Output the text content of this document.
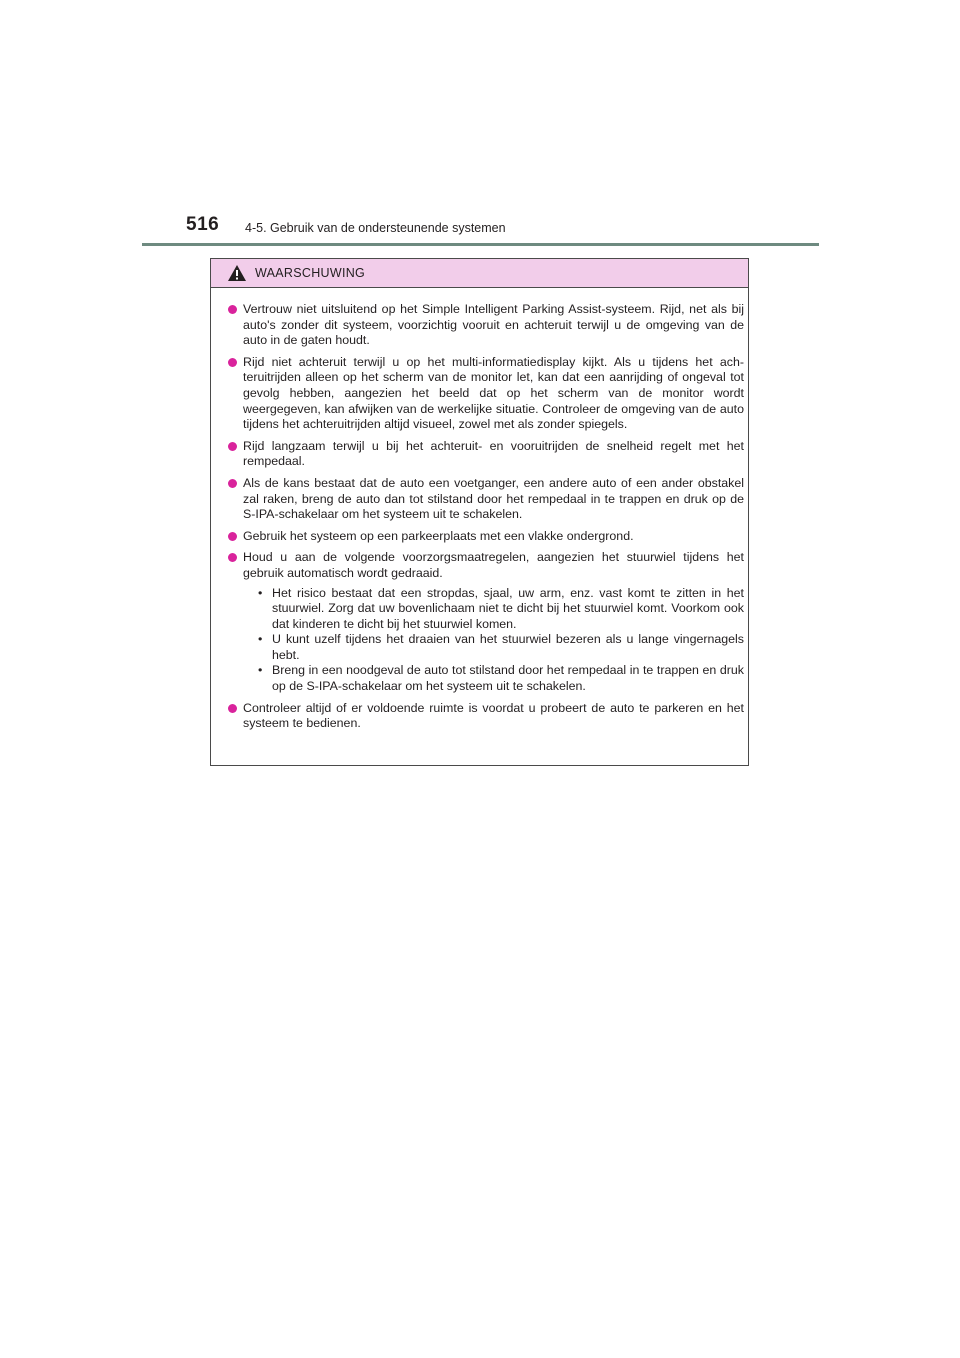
516 4-5. Gebruik van de ondersteunende systemen
WAARSCHUWING
Vertrouw niet uitsluitend op het Simple Intelligent Parking Assist-systeem. Rijd, net als bij auto's zonder dit systeem, voorzichtig vooruit en achteruit terwijl u de omgeving van de auto in de gaten houdt.
Rijd niet achteruit terwijl u op het multi-informatiedisplay kijkt. Als u tijdens het achteruitrijden alleen op het scherm van de monitor let, kan dat een aanrijding of ongeval tot gevolg hebben, aangezien het beeld dat op het scherm van de monitor wordt weergegeven, kan afwijken van de werkelijke situatie. Controleer de omgeving van de auto tijdens het achteruitrijden altijd visueel, zowel met als zonder spiegels.
Rijd langzaam terwijl u bij het achteruit- en vooruitrijden de snelheid regelt met het rempedaal.
Als de kans bestaat dat de auto een voetganger, een andere auto of een ander obstakel zal raken, breng de auto dan tot stilstand door het rempedaal in te trappen en druk op de S-IPA-schakelaar om het systeem uit te schakelen.
Gebruik het systeem op een parkeerplaats met een vlakke ondergrond.
Houd u aan de volgende voorzorgsmaatregelen, aangezien het stuurwiel tijdens het gebruik automatisch wordt gedraaid.
• Het risico bestaat dat een stropdas, sjaal, uw arm, enz. vast komt te zitten in het stuurwiel. Zorg dat uw bovenlichaam niet te dicht bij het stuurwiel komt. Voorkom ook dat kinderen te dicht bij het stuurwiel komen.
• U kunt uzelf tijdens het draaien van het stuurwiel bezeren als u lange vingernagels hebt.
• Breng in een noodgeval de auto tot stilstand door het rempedaal in te trappen en druk op de S-IPA-schakelaar om het systeem uit te schakelen.
Controleer altijd of er voldoende ruimte is voordat u probeert de auto te parkeren en het systeem te bedienen.
